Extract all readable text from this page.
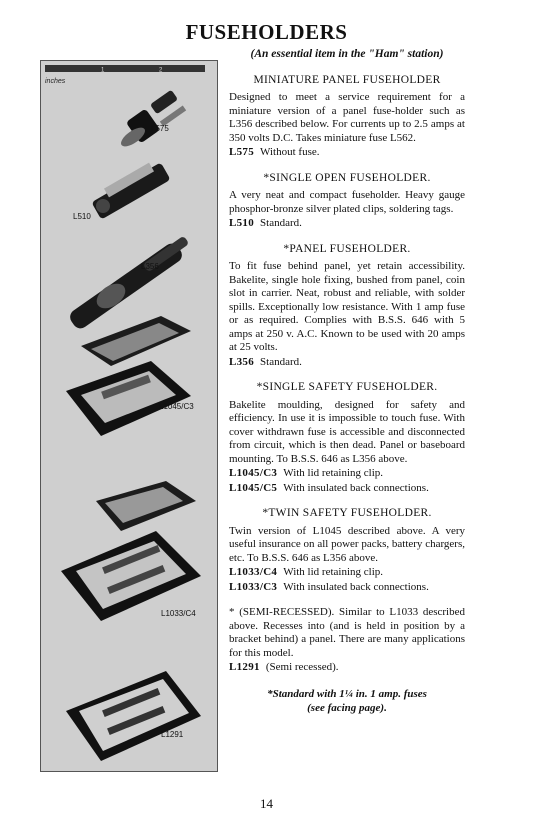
FUSEHOLDERS
1	2
inches
L575
L510
L356
L1045/C3
L1033/C4
L1291
(An essential item in the "Ham" station)
MINIATURE PANEL FUSEHOLDER

Designed to meet a service requirement for a miniature version of a panel fuse-holder such as L356 described below. For currents up to 2.5 amps at 350 volts D.C. Takes miniature fuse L562.

L575 Without fuse.

*SINGLE OPEN FUSEHOLDER.

A very neat and compact fuseholder. Heavy gauge phosphor-bronze silver plated clips, soldering tags.

L510 Standard.

*PANEL FUSEHOLDER.

To fit fuse behind panel, yet retain accessibility. Bakelite, single hole fixing, bushed from panel, coin slot in carrier. Neat, robust and reliable, with solder spills. Exceptionally low resistance. With 1 amp fuse or as required. Complies with B.S.S. 646 with 5 amps at 250 v. A.C. Known to be used with 20 amps at 25 volts.

L356 Standard.

*SINGLE SAFETY FUSEHOLDER.

Bakelite moulding, designed for safety and efficiency. In use it is impossible to touch fuse. With cover withdrawn fuse is accessible and disconnected from circuit, which is then dead. Panel or baseboard mounting. To B.S.S. 646 as L356 above.

L1045/C3 With lid retaining clip.

L1045/C5 With insulated back connections.

*TWIN SAFETY FUSEHOLDER.

Twin version of L1045 described above. A very useful insurance on all power packs, battery chargers, etc. To B.S.S. 646 as L356 above.

L1033/C4 With lid retaining clip.

L1033/C3 With insulated back connections.

* (SEMI-RECESSED). Similar to L1033 described above. Recesses into (and is held in position by a bracket behind) a panel. There are many applications for this model.

L1291 (Semi recessed).

*Standard with 1¼ in. 1 amp. fuses
(see facing page).
14
